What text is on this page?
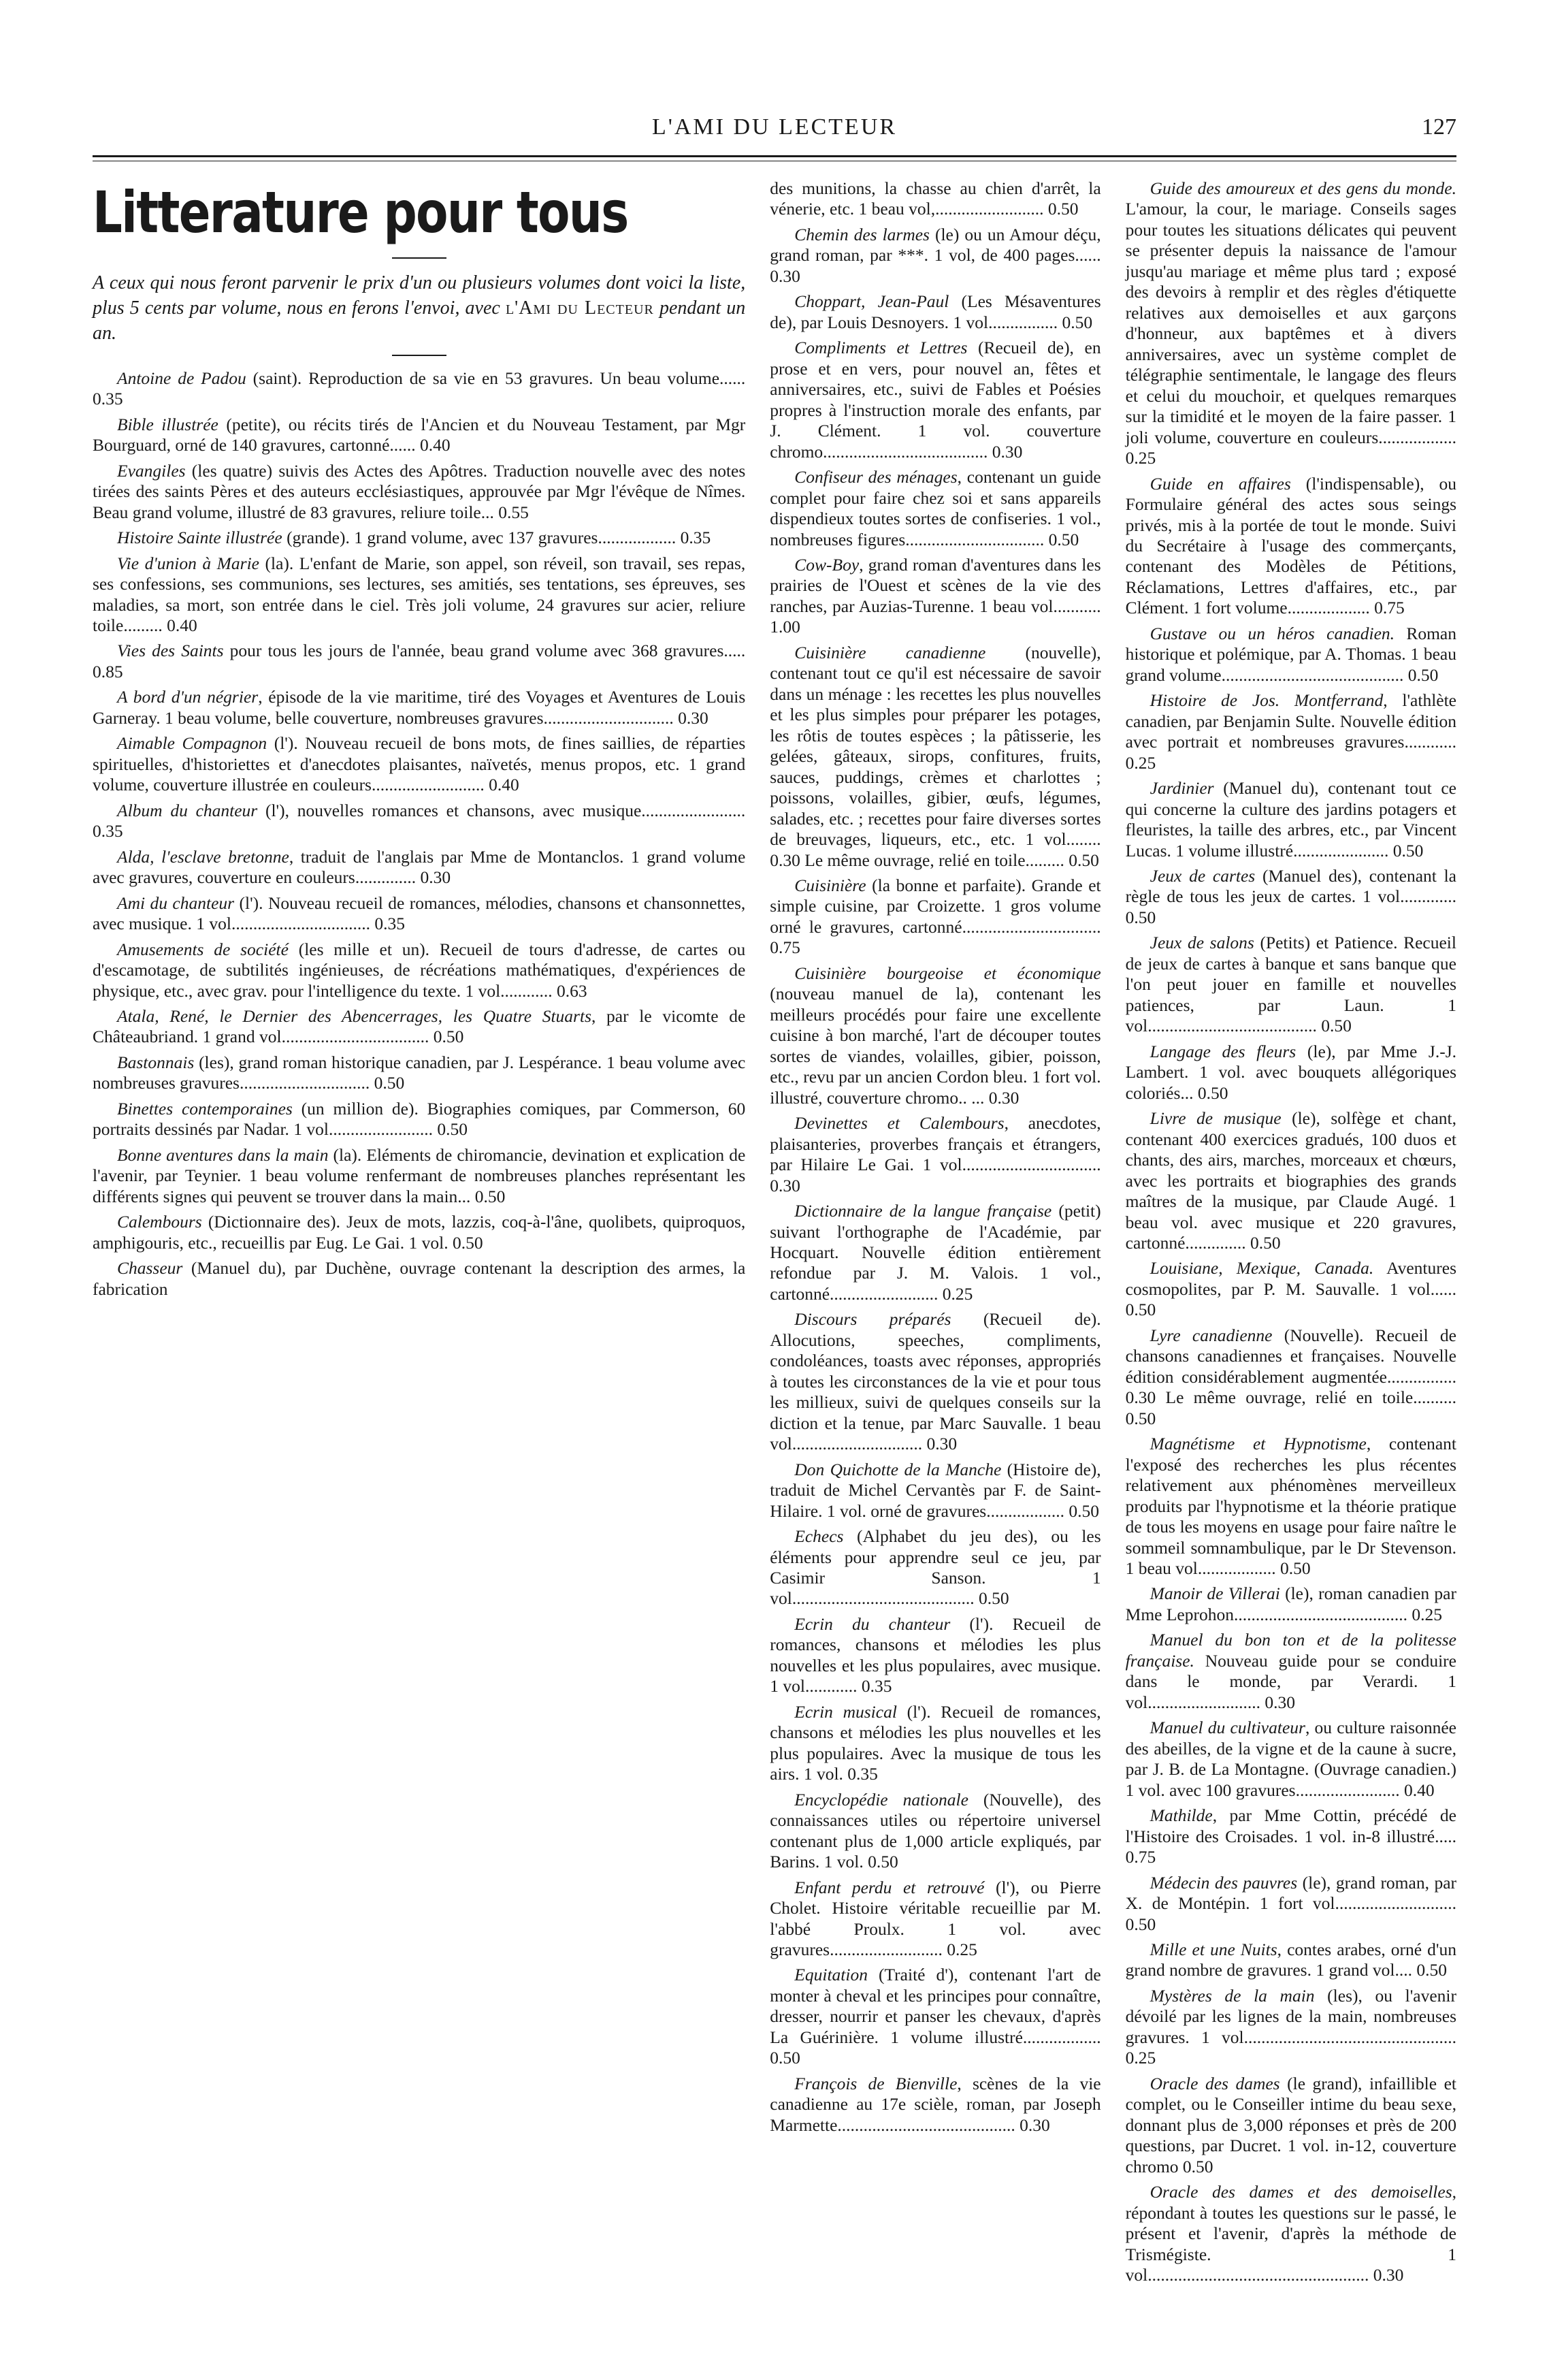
L'AMI DU LECTEUR	127
Litterature pour tous

A ceux qui nous feront parvenir le prix d'un ou plusieurs volumes dont voici la liste, plus 5 cents par volume, nous en ferons l'envoi, avec l'Ami du Lecteur pendant un an.

Antoine de Padou (saint). Reproduction de sa vie en 53 gravures. Un beau volume...... 0.35

Bible illustrée (petite), ou récits tirés de l'Ancien et du Nouveau Testament, par Mgr Bourguard, orné de 140 gravures, cartonné...... 0.40

Evangiles (les quatre) suivis des Actes des Apôtres. Traduction nouvelle avec des notes tirées des saints Pères et des auteurs ecclésiastiques, approuvée par Mgr l'évêque de Nîmes. Beau grand volume, illustré de 83 gravures, reliure toile... 0.55

Histoire Sainte illustrée (grande). 1 grand volume, avec 137 gravures.................. 0.35

Vie d'union à Marie (la). L'enfant de Marie, son appel, son réveil, son travail, ses repas, ses confessions, ses communions, ses lectures, ses amitiés, ses tentations, ses épreuves, ses maladies, sa mort, son entrée dans le ciel. Très joli volume, 24 gravures sur acier, reliure toile......... 0.40

Vies des Saints pour tous les jours de l'année, beau grand volume avec 368 gravures..... 0.85

A bord d'un négrier, épisode de la vie maritime, tiré des Voyages et Aventures de Louis Garneray. 1 beau volume, belle couverture, nombreuses gravures.............................. 0.30

Aimable Compagnon (l'). Nouveau recueil de bons mots, de fines saillies, de réparties spirituelles, d'historiettes et d'anecdotes plaisantes, naïvetés, menus propos, etc. 1 grand volume, couverture illustrée en couleurs.......................... 0.40

Album du chanteur (l'), nouvelles romances et chansons, avec musique........................ 0.35

Alda, l'esclave bretonne, traduit de l'anglais par Mme de Montanclos. 1 grand volume avec gravures, couverture en couleurs.............. 0.30

Ami du chanteur (l'). Nouveau recueil de romances, mélodies, chansons et chansonnettes, avec musique. 1 vol................................ 0.35

Amusements de société (les mille et un). Recueil de tours d'adresse, de cartes ou d'escamotage, de subtilités ingénieuses, de récréations mathématiques, d'expériences de physique, etc., avec grav. pour l'intelligence du texte. 1 vol............ 0.63

Atala, René, le Dernier des Abencerrages, les Quatre Stuarts, par le vicomte de Châteaubriand. 1 grand vol.................................. 0.50

Bastonnais (les), grand roman historique canadien, par J. Lespérance. 1 beau volume avec nombreuses gravures.............................. 0.50

Binettes contemporaines (un million de). Biographies comiques, par Commerson, 60 portraits dessinés par Nadar. 1 vol........................ 0.50

Bonne aventures dans la main (la). Eléments de chiromancie, devination et explication de l'avenir, par Teynier. 1 beau volume renfermant de nombreuses planches représentant les différents signes qui peuvent se trouver dans la main... 0.50

Calembours (Dictionnaire des). Jeux de mots, lazzis, coq-à-l'âne, quolibets, quiproquos, amphigouris, etc., recueillis par Eug. Le Gai. 1 vol. 0.50

Chasseur (Manuel du), par Duchène, ouvrage contenant la description des armes, la fabrication

des munitions, la chasse au chien d'arrêt, la vénerie, etc. 1 beau vol,......................... 0.50

Chemin des larmes (le) ou un Amour déçu, grand roman, par ***. 1 vol, de 400 pages...... 0.30

Choppart, Jean-Paul (Les Mésaventures de), par Louis Desnoyers. 1 vol................ 0.50

Compliments et Lettres (Recueil de), en prose et en vers, pour nouvel an, fêtes et anniversaires, etc., suivi de Fables et Poésies propres à l'instruction morale des enfants, par J. Clément. 1 vol. couverture chromo...................................... 0.30

Confiseur des ménages, contenant un guide complet pour faire chez soi et sans appareils dispendieux toutes sortes de confiseries. 1 vol., nombreuses figures................................ 0.50

Cow-Boy, grand roman d'aventures dans les prairies de l'Ouest et scènes de la vie des ranches, par Auzias-Turenne. 1 beau vol........... 1.00

Cuisinière canadienne (nouvelle), contenant tout ce qu'il est nécessaire de savoir dans un ménage : les recettes les plus nouvelles et les plus simples pour préparer les potages, les rôtis de toutes espèces ; la pâtisserie, les gelées, gâteaux, sirops, confitures, fruits, sauces, puddings, crèmes et charlottes ; poissons, volailles, gibier, œufs, légumes, salades, etc. ; recettes pour faire diverses sortes de breuvages, liqueurs, etc., etc. 1 vol........ 0.30 Le même ouvrage, relié en toile......... 0.50

Cuisinière (la bonne et parfaite). Grande et simple cuisine, par Croizette. 1 gros volume orné le gravures, cartonné................................ 0.75

Cuisinière bourgeoise et économique (nouveau manuel de la), contenant les meilleurs procédés pour faire une excellente cuisine à bon marché, l'art de découper toutes sortes de viandes, volailles, gibier, poisson, etc., revu par un ancien Cordon bleu. 1 fort vol. illustré, couverture chromo.. ... 0.30

Devinettes et Calembours, anecdotes, plaisanteries, proverbes français et étrangers, par Hilaire Le Gai. 1 vol................................ 0.30

Dictionnaire de la langue française (petit) suivant l'orthographe de l'Académie, par Hocquart. Nouvelle édition entièrement refondue par J. M. Valois. 1 vol., cartonné......................... 0.25

Discours préparés (Recueil de). Allocutions, speeches, compliments, condoléances, toasts avec réponses, appropriés à toutes les circonstances de la vie et pour tous les millieux, suivi de quelques conseils sur la diction et la tenue, par Marc Sauvalle. 1 beau vol.............................. 0.30

Don Quichotte de la Manche (Histoire de), traduit de Michel Cervantès par F. de Saint-Hilaire. 1 vol. orné de gravures.................. 0.50

Echecs (Alphabet du jeu des), ou les éléments pour apprendre seul ce jeu, par Casimir Sanson. 1 vol.......................................... 0.50

Ecrin du chanteur (l'). Recueil de romances, chansons et mélodies les plus nouvelles et les plus populaires, avec musique. 1 vol............ 0.35

Ecrin musical (l'). Recueil de romances, chansons et mélodies les plus nouvelles et les plus populaires. Avec la musique de tous les airs. 1 vol. 0.35

Encyclopédie nationale (Nouvelle), des connaissances utiles ou répertoire universel contenant plus de 1,000 article expliqués, par Barins. 1 vol. 0.50

Enfant perdu et retrouvé (l'), ou Pierre Cholet. Histoire véritable recueillie par M. l'abbé Proulx. 1 vol. avec gravures.......................... 0.25

Equitation (Traité d'), contenant l'art de monter à cheval et les principes pour connaître, dresser, nourrir et panser les chevaux, d'après La Guérinière. 1 volume illustré.................. 0.50

François de Bienville, scènes de la vie canadienne au 17e scièle, roman, par Joseph Marmette......................................... 0.30

Guide des amoureux et des gens du monde. L'amour, la cour, le mariage. Conseils sages pour toutes les situations délicates qui peuvent se présenter depuis la naissance de l'amour jusqu'au mariage et même plus tard ; exposé des devoirs à remplir et des règles d'étiquette relatives aux demoiselles et aux garçons d'honneur, aux baptêmes et à divers anniversaires, avec un système complet de télégraphie sentimentale, le langage des fleurs et celui du mouchoir, et quelques remarques sur la timidité et le moyen de la faire passer. 1 joli volume, couverture en couleurs.................. 0.25

Guide en affaires (l'indispensable), ou Formulaire général des actes sous seings privés, mis à la portée de tout le monde. Suivi du Secrétaire à l'usage des commerçants, contenant des Modèles de Pétitions, Réclamations, Lettres d'affaires, etc., par Clément. 1 fort volume................... 0.75

Gustave ou un héros canadien. Roman historique et polémique, par A. Thomas. 1 beau grand volume.......................................... 0.50

Histoire de Jos. Montferrand, l'athlète canadien, par Benjamin Sulte. Nouvelle édition avec portrait et nombreuses gravures............ 0.25

Jardinier (Manuel du), contenant tout ce qui concerne la culture des jardins potagers et fleuristes, la taille des arbres, etc., par Vincent Lucas. 1 volume illustré...................... 0.50

Jeux de cartes (Manuel des), contenant la règle de tous les jeux de cartes. 1 vol............. 0.50

Jeux de salons (Petits) et Patience. Recueil de jeux de cartes à banque et sans banque que l'on peut jouer en famille et nouvelles patiences, par Laun. 1 vol....................................... 0.50

Langage des fleurs (le), par Mme J.-J. Lambert. 1 vol. avec bouquets allégoriques coloriés... 0.50

Livre de musique (le), solfège et chant, contenant 400 exercices gradués, 100 duos et chants, des airs, marches, morceaux et chœurs, avec les portraits et biographies des grands maîtres de la musique, par Claude Augé. 1 beau vol. avec musique et 220 gravures, cartonné.............. 0.50

Louisiane, Mexique, Canada. Aventures cosmopolites, par P. M. Sauvalle. 1 vol...... 0.50

Lyre canadienne (Nouvelle). Recueil de chansons canadiennes et françaises. Nouvelle édition considérablement augmentée................ 0.30 Le même ouvrage, relié en toile.......... 0.50

Magnétisme et Hypnotisme, contenant l'exposé des recherches les plus récentes relativement aux phénomènes merveilleux produits par l'hypnotisme et la théorie pratique de tous les moyens en usage pour faire naître le sommeil somnambulique, par le Dr Stevenson. 1 beau vol.................. 0.50

Manoir de Villerai (le), roman canadien par Mme Leprohon........................................ 0.25

Manuel du bon ton et de la politesse française. Nouveau guide pour se conduire dans le monde, par Verardi. 1 vol.......................... 0.30

Manuel du cultivateur, ou culture raisonnée des abeilles, de la vigne et de la caune à sucre, par J. B. de La Montagne. (Ouvrage canadien.) 1 vol. avec 100 gravures........................ 0.40

Mathilde, par Mme Cottin, précédé de l'Histoire des Croisades. 1 vol. in-8 illustré..... 0.75

Médecin des pauvres (le), grand roman, par X. de Montépin. 1 fort vol............................ 0.50

Mille et une Nuits, contes arabes, orné d'un grand nombre de gravures. 1 grand vol.... 0.50

Mystères de la main (les), ou l'avenir dévoilé par les lignes de la main, nombreuses gravures. 1 vol................................................. 0.25

Oracle des dames (le grand), infaillible et complet, ou le Conseiller intime du beau sexe, donnant plus de 3,000 réponses et près de 200 questions, par Ducret. 1 vol. in-12, couverture chromo 0.50

Oracle des dames et des demoiselles, répondant à toutes les questions sur le passé, le présent et l'avenir, d'après la méthode de Trismégiste. 1 vol................................................... 0.30
